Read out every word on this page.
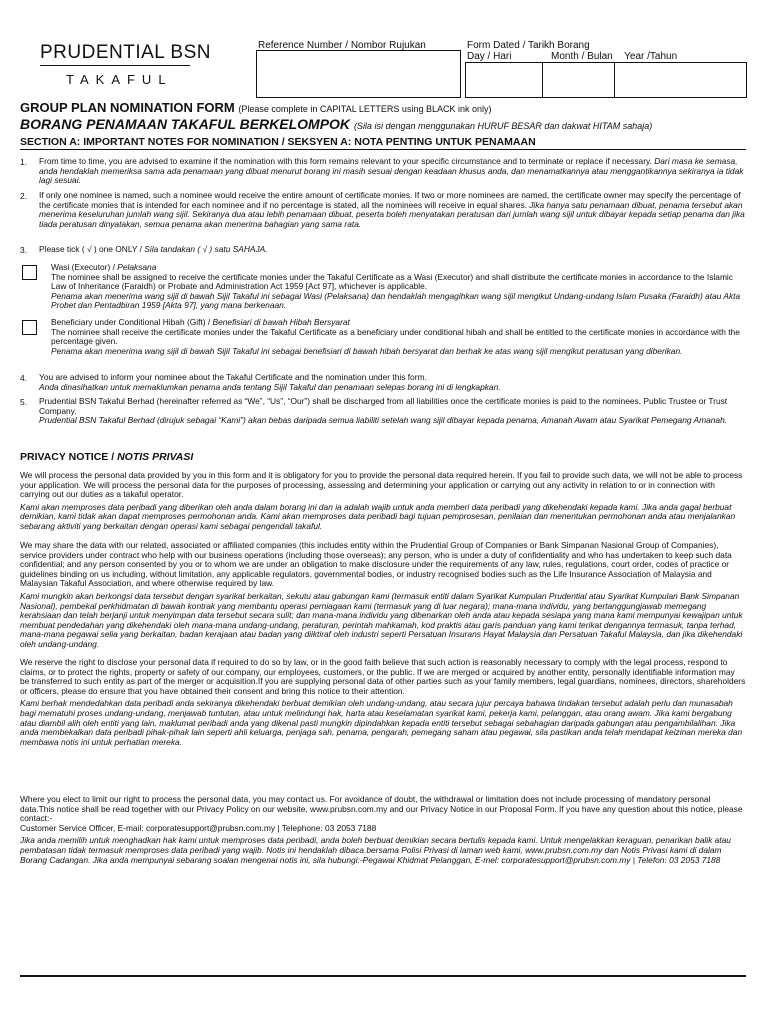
PRUDENTIAL BSN
TAKAFUL
Reference Number / Nombor Rujukan	Form Dated / Tarikh Borang
Day / Hari	Month / Bulan Year /Tahun
GROUP PLAN NOMINATION FORM (Please complete in CAPITAL LETTERS using BLACK ink only)
BORANG PENAMAAN TAKAFUL BERKELOMPOK (Sila isi dengan menggunakan HURUF BESAR dan dakwat HITAM sahaja)
SECTION A: IMPORTANT NOTES FOR NOMINATION / SEKSYEN A: NOTA PENTING UNTUK PENAMAAN
1. From time to time, you are advised to examine if the nomination with this form remains relevant to your specific circumstance and to terminate or replace if necessary. Dari masa ke semasa, anda hendaklah memeriksa sama ada penamaan yang dibuat menurut borang ini masih sesuai dengan keadaan khusus anda, dan menamatkannya atau menggantikannya sekiranya ia tidak lagi sesuai.
2. If only one nominee is named, such a nominee would receive the entire amount of certificate monies. If two or more nominees are named, the certificate owner may specify the percentage of the certificate monies that is intended for each nominee and if no percentage is stated, all the nominees will receive in equal shares. Jika hanya satu penamaan dibuat, penama tersebut akan menerima keseluruhan jumlah wang sijil. Sekiranya dua atau lebih penamaan dibuat, peserta boleh menyatakan peratusan dari jumlah wang sijil untuk dibayar kepada setiap penama dan jika tiada peratusan dinyatakan, semua penama akan menerima bahagian yang sama rata.
3. Please tick ( √ ) one ONLY / Sila tandakan ( √ ) satu SAHAJA.

Wasi (Executor) / Pelaksana

The nominee shall be assigned to receive the certificate monies under the Takaful Certificate as a Wasi (Executor) and shall distribute the certificate monies in accordance to the Islamic Law of Inheritance (Faraidh) or Probate and Administration Act 1959 [Act 97], whichever is applicable.

Penama akan menerima wang sijil di bawah Sijil Takaful ini sebagai Wasi (Pelaksana) dan hendaklah mengagihkan wang sijil mengikut Undang-undang Islam Pusaka (Faraidh) atau Akta Probet dan Pentadbiran 1959 [Akta 97], yang mana berkenaan.

Beneficiary under Conditional Hibah (Gift) / Benefisiari di bawah Hibah Bersyarat

The nominee shall receive the certificate monies under the Takaful Certificate as a beneficiary under conditional hibah and shall be entitled to the certificate monies in accordance with the percentage given.

Penama akan menerima wang sijil di bawah Sijil Takaful ini sebagai benefisiari di bawah hibah bersyarat dan berhak ke atas wang sijil mengikut peratusan yang diberikan.

4. You are advised to inform your nominee about the Takaful Certificate and the nomination under this form.

Anda dinasihatkan untuk memaklumkan penama anda tentang Sijil Takaful dan penamaan selepas borang ini di lengkapkan.

5. Prudential BSN Takaful Berhad (hereinafter referred as “We”, “Us”, “Our”) shall be discharged from all liabilities once the certificate monies is paid to the nominees, Public Trustee or Trust Company.

Prudential BSN Takaful Berhad (dirujuk sebagai “Kami”) akan bebas daripada semua liabiliti setelah wang sijil dibayar kepada penama, Amanah Awam atau Syarikat Pemegang Amanah.

PRIVACY NOTICE / NOTIS PRIVASI

We will process the personal data provided by you in this form and it is obligatory for you to provide the personal data required herein. If you fail to provide such data, we will not be able to process your application. We will process the personal data for the purposes of processing, assessing and determining your application or carrying out any activity in relation to or in connection with carrying out our duties as a takaful operator.

Kami akan memproses data peribadi yang diberikan oleh anda dalam borang ini dan ia adalah wajib untuk anda memberi data peribadi yang dikehendaki kepada kami. Jika anda gagal berbuat demikian, kami tidak akan dapat memproses permohonan anda. Kami akan memproses data peribadi bagi tujuan pemprosesan, penilaian dan menentukan permohonan anda atau menjalankan sebarang aktiviti yang berkaitan dengan operasi kami sebagai pengendali takaful.

We may share the data with our related, associated or affiliated companies (this includes entity within the Prudential Group of Companies or Bank Simpanan Nasional Group of Companies), service providers under contract who help with our business operations (including those overseas); any person, who is under a duty of confidentiality and who has undertaken to keep such data confidential; and any person consented by you or to whom we are under an obligation to make disclosure under the requirements of any law, rules, regulations, court order, codes of practice or guidelines binding on us including, without limitation, any applicable regulators, governmental bodies, or industry recognised bodies such as the Life Insurance Association of Malaysia and Malaysian Takaful Association, and where otherwise required by law.

Kami mungkin akan berkongsi data tersebut dengan syarikat berkaitan, sekutu atau gabungan kami (termasuk entiti dalam Syarikat Kumpulan Prudential atau Syarikat Kumpulan Bank Simpanan Nasional), pembekal perkhidmatan di bawah kontrak yang membantu operasi perniagaan kami (termasuk yang di luar negara); mana-mana individu, yang bertanggungjawab memegang kerahsiaan dan telah berjanji untuk menyimpan data tersebut secara sulit; dan mana-mana individu yang dibenarkan oleh anda atau kepada sesiapa yang mana kami mempunyai kewajipan untuk membuat pendedahan yang dikehendaki oleh mana-mana undang-undang, peraturan, perintah mahkamah, kod praktis atau garis panduan yang kami terikat dengannya termasuk, tanpa terhad, mana-mana pegawai selia yang berkaitan, badan kerajaan atau badan yang diiktiraf oleh industri seperti Persatuan Insurans Hayat Malaysia dan Persatuan Takaful Malaysia, dan jika dikehendaki oleh undang-undang.

We reserve the right to disclose your personal data if required to do so by law, or in the good faith believe that such action is reasonably necessary to comply with the legal process, respond to claims, or to protect the rights, property or safety of our company, our employees, customers, or the public. If we are merged or acquired by another entity, personally identifiable information may be transferred to such entity as part of the merger or acquisition.If you are supplying personal data of other parties such as your family members, legal guardians, nominees, directors, shareholders or officers, please do ensure that you have obtained their consent and bring this notice to their attention.

Kami berhak mendedahkan data peribadi anda sekiranya dikehendaki berbuat demikian oleh undang-undang, atau secara jujur percaya bahawa tindakan tersebut adalah perlu dan munasabah bagi mematuhi proses undang-undang, menjawab tuntutan, atau untuk melindungi hak, harta atau keselamatan syarikat kami, pekerja kami, pelanggan, atau orang awam. Jika kami bergabung atau diambil alih oleh entiti yang lain, maklumat peribadi anda yang dikenal pasti mungkin dipindahkan kepada entiti tersebut sebagai sebahagian daripada gabungan atau pengambilalihan. Jika anda membekalkan data peribadi pihak-pihak lain seperti ahli keluarga, penjaga sah, penama, pengarah, pemegang saham atau pegawai, sila pastikan anda telah mendapat keizinan mereka dan membawa notis ini untuk perhatian mereka.

Where you elect to limit our right to process the personal data, you may contact us. For avoidance of doubt, the withdrawal or limitation does not include processing of mandatory personal data.This notice shall be read together with our Privacy Policy on our website, www.prubsn.com.my and our Privacy Notice in our Proposal Form. If you have any question about this notice, please contact:-

Customer Service Officer, E-mail: corporatesupport@prubsn.com.my | Telephone: 03 2053 7188

Jika anda memilih untuk menghadkan hak kami untuk memproses data peribadi, anda boleh berbuat demikian secara bertulis kepada kami. Untuk mengelakkan keraguan, penarikan balik atau pembatasan tidak termasuk memproses data peribadi yang wajib. Notis ini hendaklah dibaca bersama Polisi Privasi di laman web kami, www.prubsn.com.my dan Notis Privasi kami di dalam Borang Cadangan. Jika anda mempunyai sebarang soalan mengenai notis ini, sila hubungi:-Pegawai Khidmat Pelanggan, E-mel: corporatesupport@prubsn.com.my | Telefon: 03 2053 7188
